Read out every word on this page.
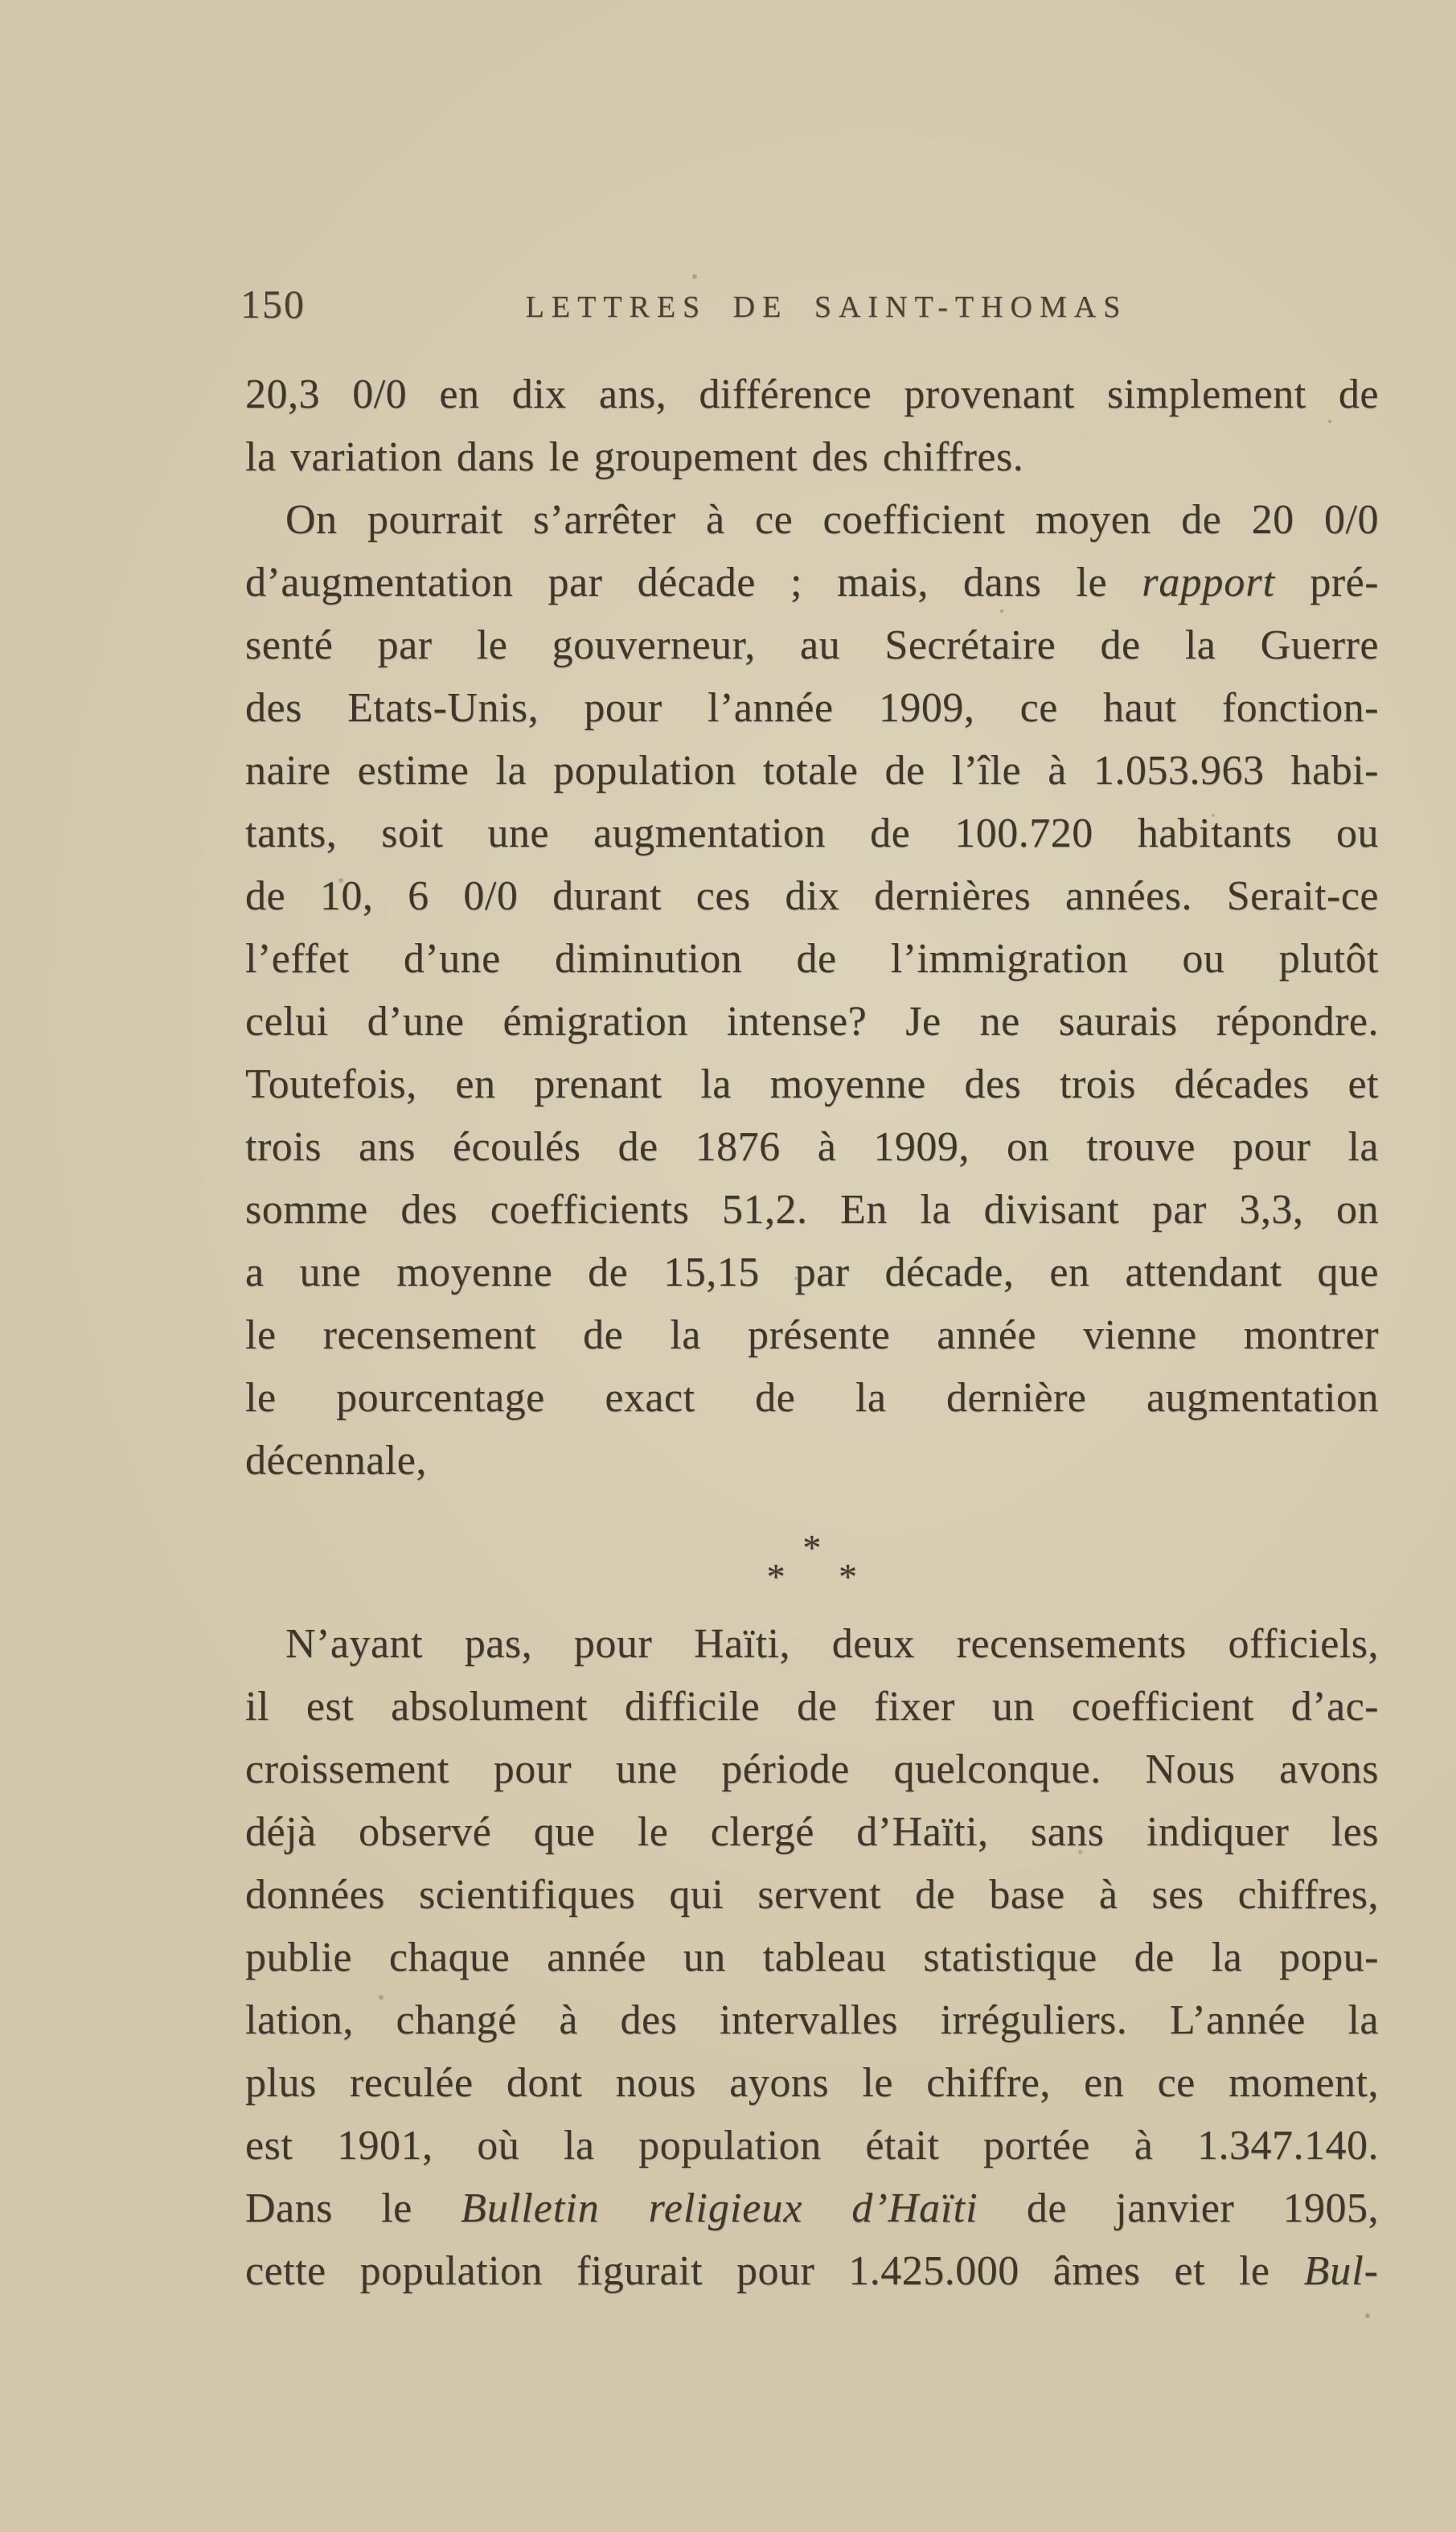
150	LETTRES DE SAINT-THOMAS
20,3 0/0 en dix ans, différence provenant simplement de
la variation dans le groupement des chiffres.
On pourrait s’arrêter à ce coefficient moyen de 20 0/0
d’augmentation par décade ; mais, dans le rapport pré-
senté par le gouverneur, au Secrétaire de la Guerre
des Etats-Unis, pour l’année 1909, ce haut fonction-
naire estime la population totale de l’île à 1.053.963 habi-
tants, soit une augmentation de 100.720 habitants ou
de 10, 6 0/0 durant ces dix dernières années. Serait-ce
l’effet d’une diminution de l’immigration ou plutôt
celui d’une émigration intense? Je ne saurais répondre.
Toutefois, en prenant la moyenne des trois décades et
trois ans écoulés de 1876 à 1909, on trouve pour la
somme des coefficients 51,2. En la divisant par 3,3, on
a une moyenne de 15,15 par décade, en attendant que
le recensement de la présente année vienne montrer
le pourcentage exact de la dernière augmentation
décennale,
*
* *
N’ayant pas, pour Haïti, deux recensements officiels,
il est absolument difficile de fixer un coefficient d’ac-
croissement pour une période quelconque. Nous avons
déjà observé que le clergé d’Haïti, sans indiquer les
données scientifiques qui servent de base à ses chiffres,
publie chaque année un tableau statistique de la popu-
lation, changé à des intervalles irréguliers. L’année la
plus reculée dont nous ayons le chiffre, en ce moment,
est 1901, où la population était portée à 1.347.140.
Dans le Bulletin religieux d’Haïti de janvier 1905,
cette population figurait pour 1.425.000 âmes et le Bul-
